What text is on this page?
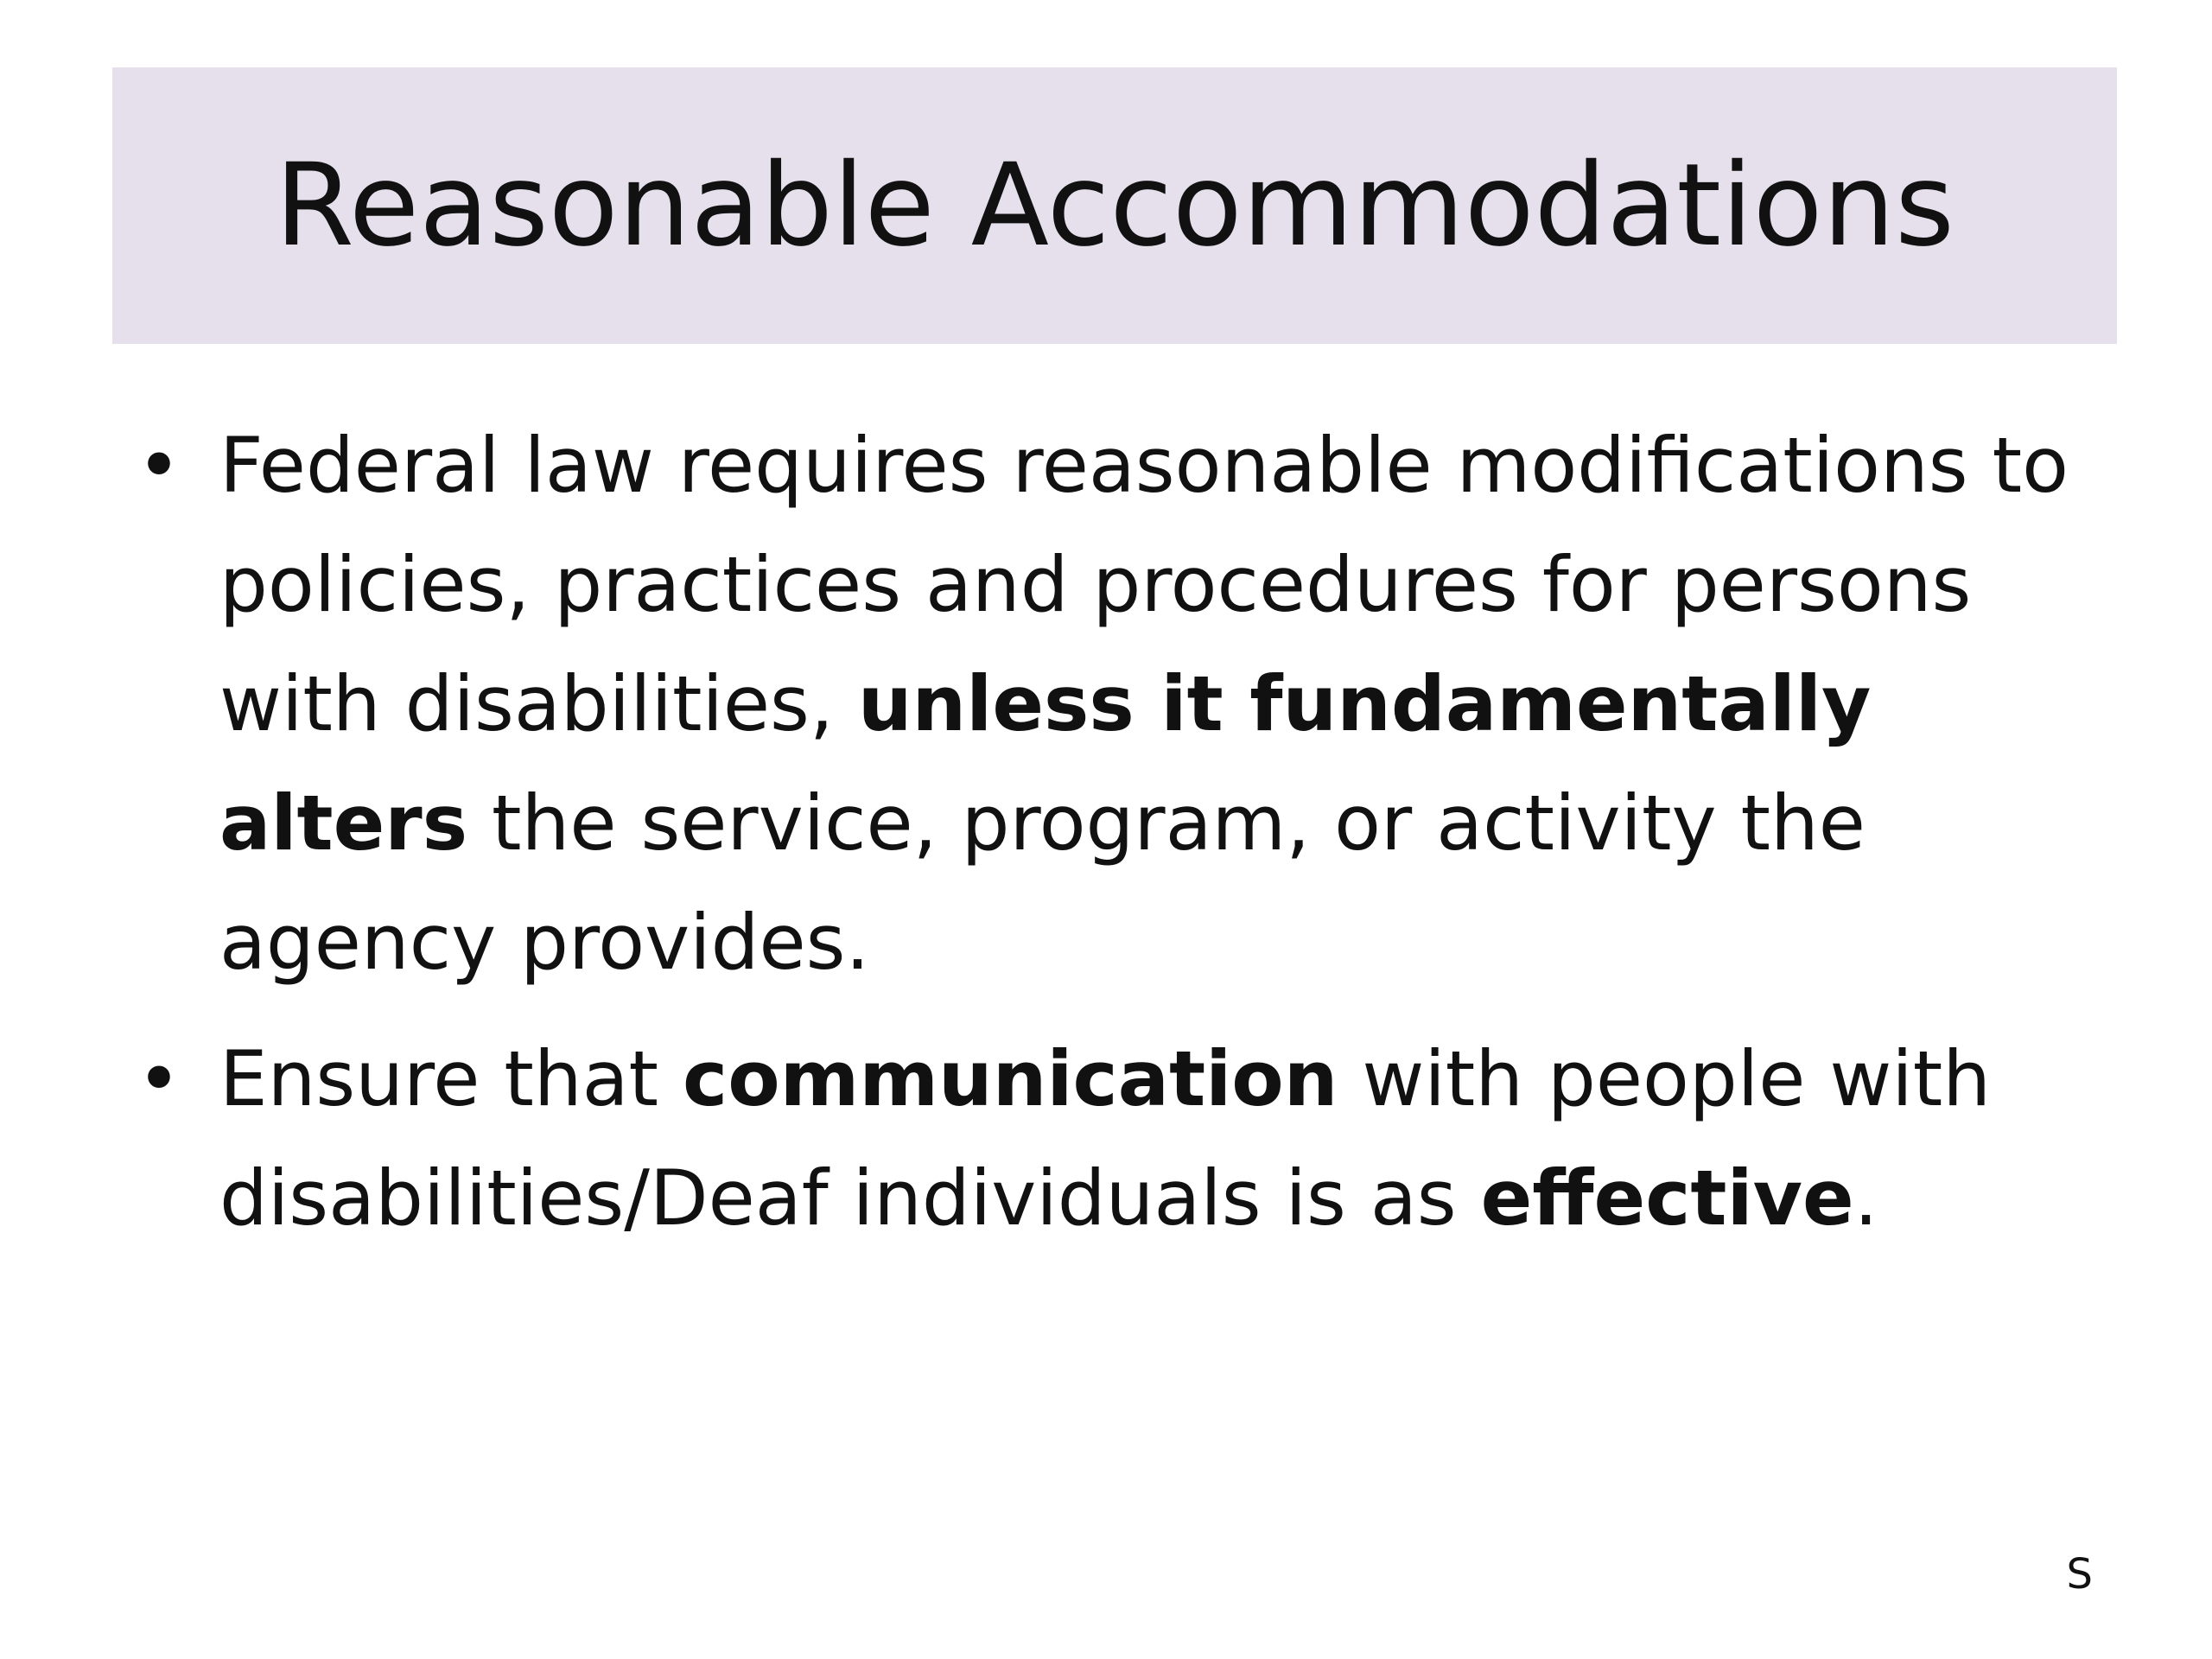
Reasonable Accommodations
• Federal law requires reasonable modifications to policies, practices and procedures for persons with disabilities, unless it fundamentally alters the service, program, or activity the agency provides.
• Ensure that communication with people with disabilities/Deaf individuals is as effective.
S
